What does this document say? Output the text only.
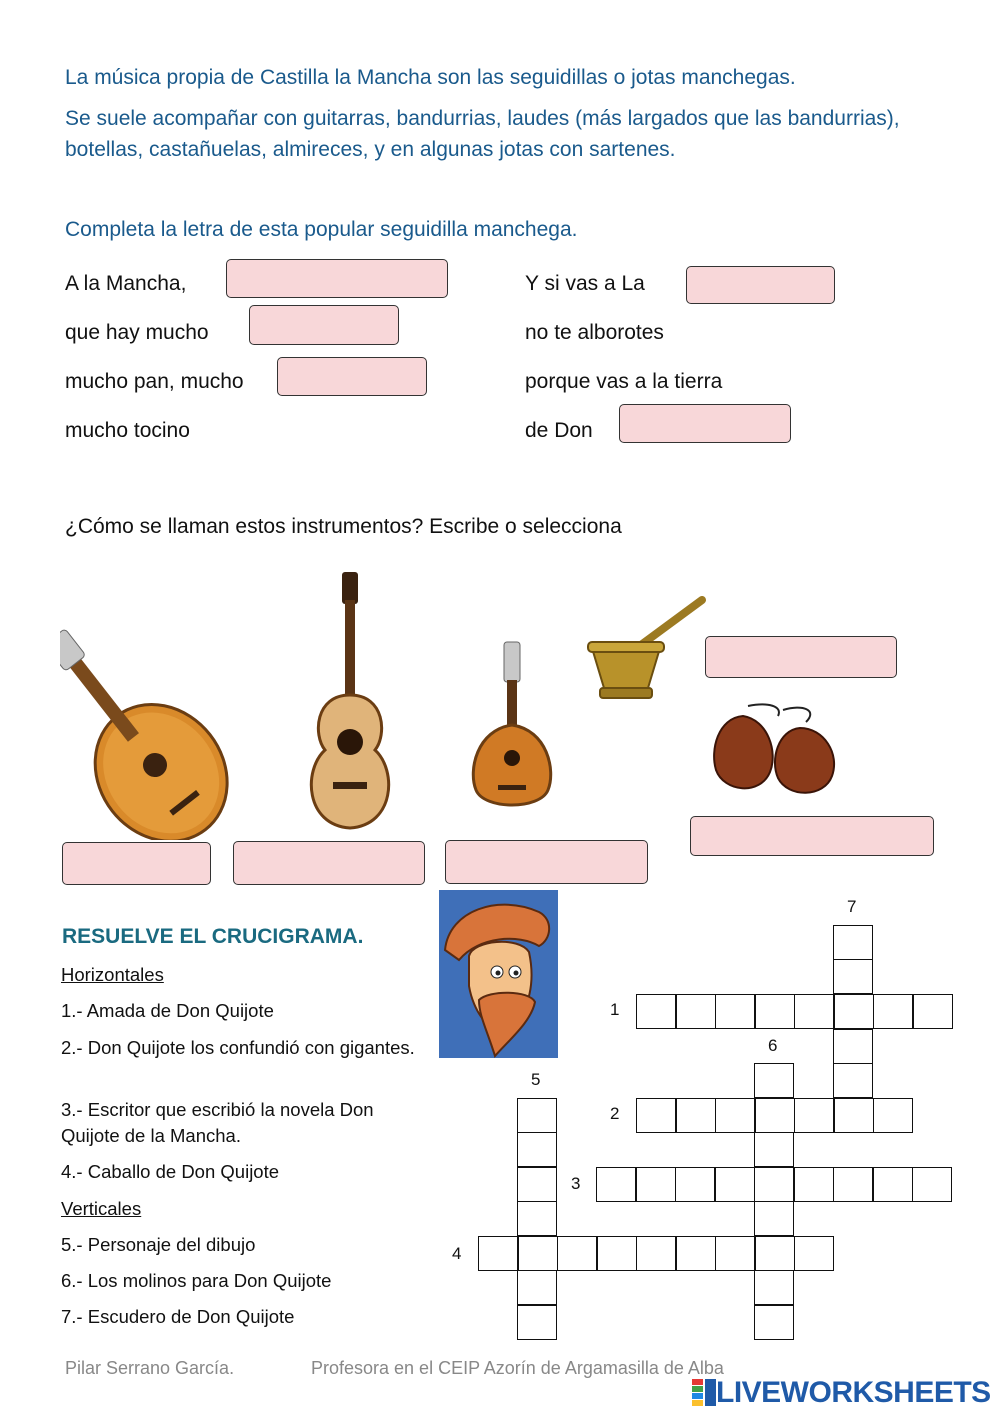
La música propia de Castilla la Mancha son las seguidillas o jotas manchegas.
Se suele acompañar con guitarras, bandurrias, laudes (más largados que las bandurrias), botellas, castañuelas, almireces, y en algunas jotas con sartenes.
Completa la letra de esta popular seguidilla manchega.
A la Mancha,
que hay mucho
mucho pan, mucho
mucho tocino
Y si vas a La
no te alborotes
porque vas a la tierra
de Don
¿Cómo se llaman estos instrumentos? Escribe o selecciona
RESUELVE EL CRUCIGRAMA.
Horizontales
1.- Amada de Don Quijote
2.- Don Quijote los confundió con gigantes.
3.- Escritor que escribió la novela Don Quijote de la Mancha.
4.- Caballo de Don Quijote
Verticales
5.- Personaje del dibujo
6.- Los molinos para Don Quijote
7.- Escudero de Don Quijote
7
1
6
5
2
3
4
Pilar Serrano García.	Profesora en el CEIP Azorín de Argamasilla de Alba
LIVEWORKSHEETS
